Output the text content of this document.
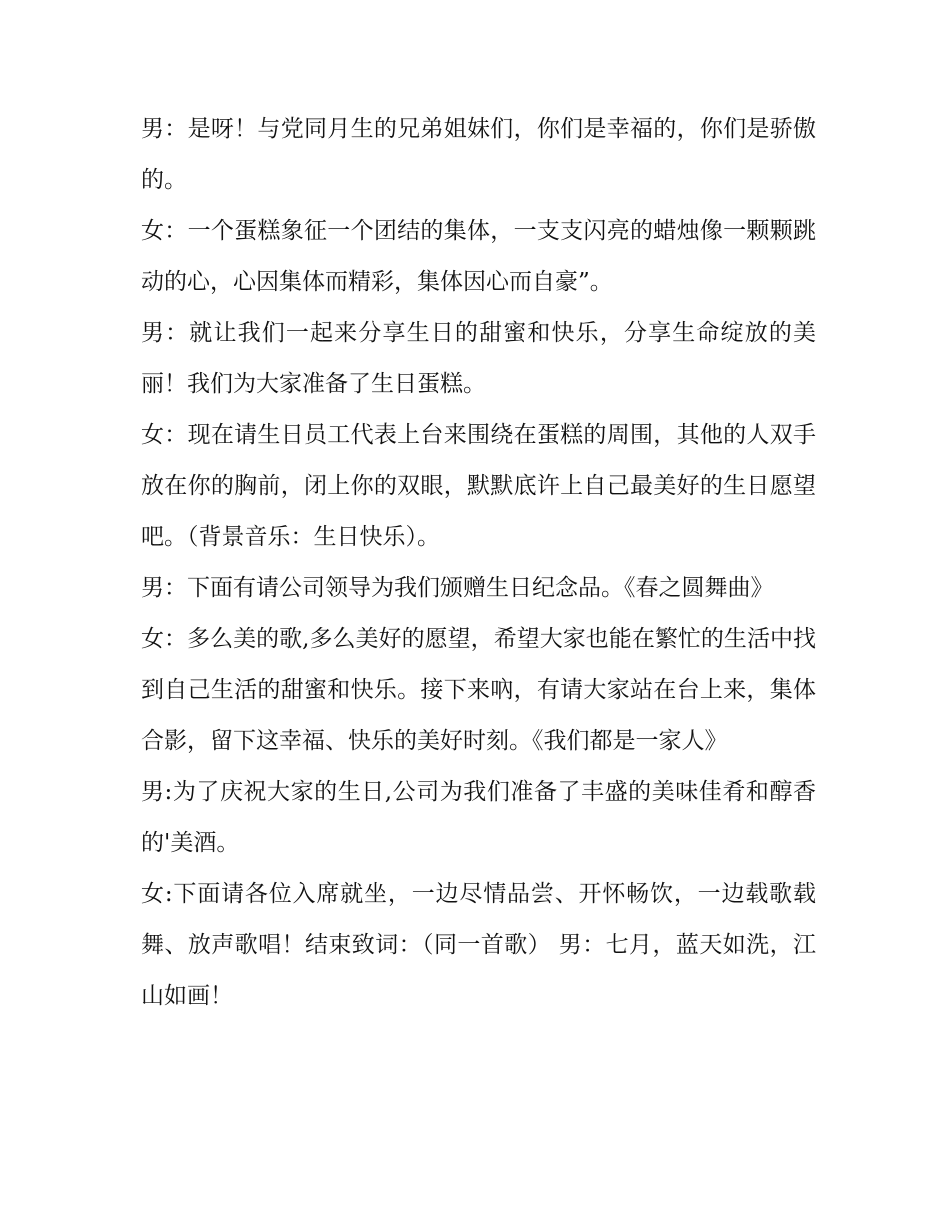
男：是呀！与党同月生的兄弟姐妹们，你们是幸福的，你们是骄傲的。

女：一个蛋糕象征一个团结的集体，一支支闪亮的蜡烛像一颗颗跳动的心，心因集体而精彩，集体因心而自豪”。

男：就让我们一起来分享生日的甜蜜和快乐，分享生命绽放的美丽！我们为大家准备了生日蛋糕。

女：现在请生日员工代表上台来围绕在蛋糕的周围，其他的人双手放在你的胸前，闭上你的双眼，默默底许上自己最美好的生日愿望吧。（背景音乐：生日快乐）。

男：下面有请公司领导为我们颁赠生日纪念品。《春之圆舞曲》

女：多么美的歌,多么美好的愿望，希望大家也能在繁忙的生活中找到自己生活的甜蜜和快乐。接下来吶，有请大家站在台上来，集体合影，留下这幸福、快乐的美好时刻。《我们都是一家人》

男:为了庆祝大家的生日,公司为我们准备了丰盛的美味佳肴和醇香的'美酒。

女:下面请各位入席就坐，一边尽情品尝、开怀畅饮，一边载歌载舞、放声歌唱！结束致词：（同一首歌） 男：七月，蓝天如洗，江山如画！
